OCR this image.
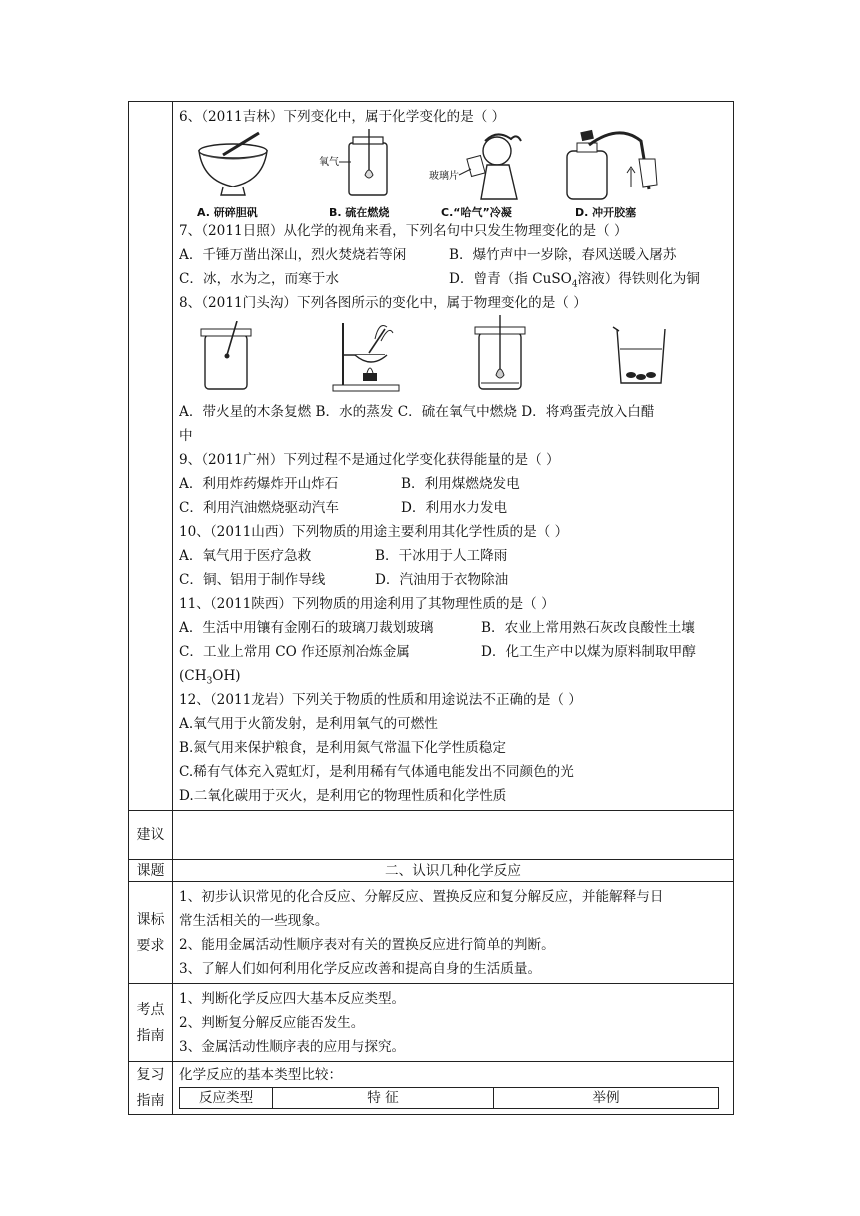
6、（2011吉林）下列变化中，属于化学变化的是（ ）
A. 研碎胆矾
氧气
B. 硫在燃烧
玻璃片
C.“哈气”冷凝	D. 冲开胶塞
7、（2011日照）从化学的视角来看，下列名句中只发生物理变化的是（ ）
A．千锤万凿出深山，烈火焚烧若等闲	B．爆竹声中一岁除，春风送暖入屠苏
C．冰，水为之，而寒于水	D．曾青（指 CuSO$_4$溶液）得铁则化为铜
8、（2011门头沟）下列各图所示的变化中，属于物理变化的是（ ）
A．带火星的木条复燃 B．水的蒸发 C．硫在氧气中燃烧 D．将鸡蛋壳放入白醋
中
9、（2011广州）下列过程不是通过化学变化获得能量的是（ ）
A．利用炸药爆炸开山炸石	B．利用煤燃烧发电
C．利用汽油燃烧驱动汽车	D．利用水力发电
10、（2011山西）下列物质的用途主要利用其化学性质的是（ ）
A．氧气用于医疗急救	B．干冰用于人工降雨
C．铜、铝用于制作导线	D．汽油用于衣物除油
11、（2011陕西）下列物质的用途利用了其物理性质的是（ ）
A．生活中用镶有金刚石的玻璃刀裁划玻璃	B．农业上常用熟石灰改良酸性土壤
C．工业上常用 CO 作还原剂冶炼金属	D．化工生产中以煤为原料制取甲醇
$(CH_3OH)$
12、（2011龙岩）下列关于物质的性质和用途说法不正确的是（ ）
A.氧气用于火箭发射，是利用氧气的可燃性
B.氮气用来保护粮食，是利用氮气常温下化学性质稳定
C.稀有气体充入霓虹灯，是利用稀有气体通电能发出不同颜色的光
D.二氧化碳用于灭火，是利用它的物理性质和化学性质

建议	
课题	二、认识几种化学反应

课标
要求

1、初步认识常见的化合反应、分解反应、置换反应和复分解反应，并能解释与日
常生活相关的一些现象。
2、能用金属活动性顺序表对有关的置换反应进行简单的判断。
3、了解人们如何利用化学反应改善和提高自身的生活质量。

考点
指南

1、判断化学反应四大基本反应类型。
2、判断复分解反应能否发生。
3、金属活动性顺序表的应用与探究。

复习
指南

化学反应的基本类型比较：
反应类型	特 征	举例
